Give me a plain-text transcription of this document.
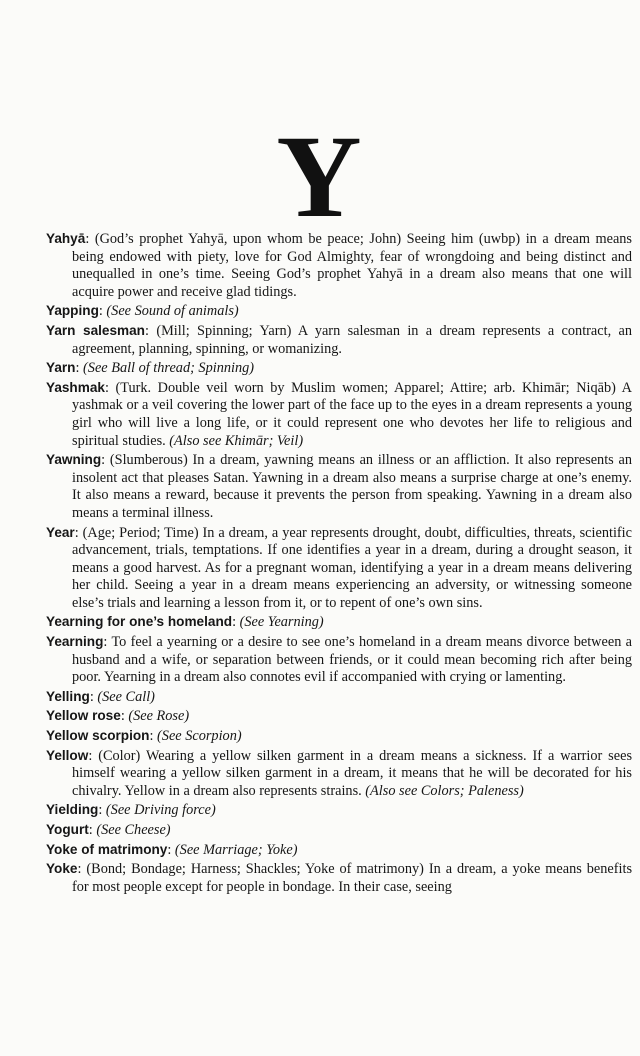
Y

Yahyā: (God’s prophet Yahyā, upon whom be peace; John) Seeing him (uwbp) in a dream means being endowed with piety, love for God Almighty, fear of wrongdoing and being distinct and unequalled in one’s time. Seeing God’s prophet Yahyā in a dream also means that one will acquire power and receive glad tidings.

Yapping: (See Sound of animals)

Yarn salesman: (Mill; Spinning; Yarn) A yarn salesman in a dream represents a contract, an agreement, planning, spinning, or womanizing.

Yarn: (See Ball of thread; Spinning)

Yashmak: (Turk. Double veil worn by Muslim women; Apparel; Attire; arb. Khimār; Niqāb) A yashmak or a veil covering the lower part of the face up to the eyes in a dream represents a young girl who will live a long life, or it could represent one who devotes her life to religious and spiritual studies. (Also see Khimār; Veil)

Yawning: (Slumberous) In a dream, yawning means an illness or an affliction. It also represents an insolent act that pleases Satan. Yawning in a dream also means a surprise charge at one’s enemy. It also means a reward, because it prevents the person from speaking. Yawning in a dream also means a terminal illness.

Year: (Age; Period; Time) In a dream, a year represents drought, doubt, difficulties, threats, scientific advancement, trials, temptations. If one identifies a year in a dream, during a drought season, it means a good harvest. As for a pregnant woman, identifying a year in a dream means delivering her child. Seeing a year in a dream means experiencing an adversity, or witnessing someone else’s trials and learning a lesson from it, or to repent of one’s own sins.

Yearning for one’s homeland: (See Yearning)

Yearning: To feel a yearning or a desire to see one’s homeland in a dream means divorce between a husband and a wife, or separation between friends, or it could mean becoming rich after being poor. Yearning in a dream also connotes evil if accompanied with crying or lamenting.

Yelling: (See Call)

Yellow rose: (See Rose)

Yellow scorpion: (See Scorpion)

Yellow: (Color) Wearing a yellow silken garment in a dream means a sickness. If a warrior sees himself wearing a yellow silken garment in a dream, it means that he will be decorated for his chivalry. Yellow in a dream also represents strains. (Also see Colors; Paleness)

Yielding: (See Driving force)

Yogurt: (See Cheese)

Yoke of matrimony: (See Marriage; Yoke)

Yoke: (Bond; Bondage; Harness; Shackles; Yoke of matrimony) In a dream, a yoke means benefits for most people except for people in bondage. In their case, seeing
